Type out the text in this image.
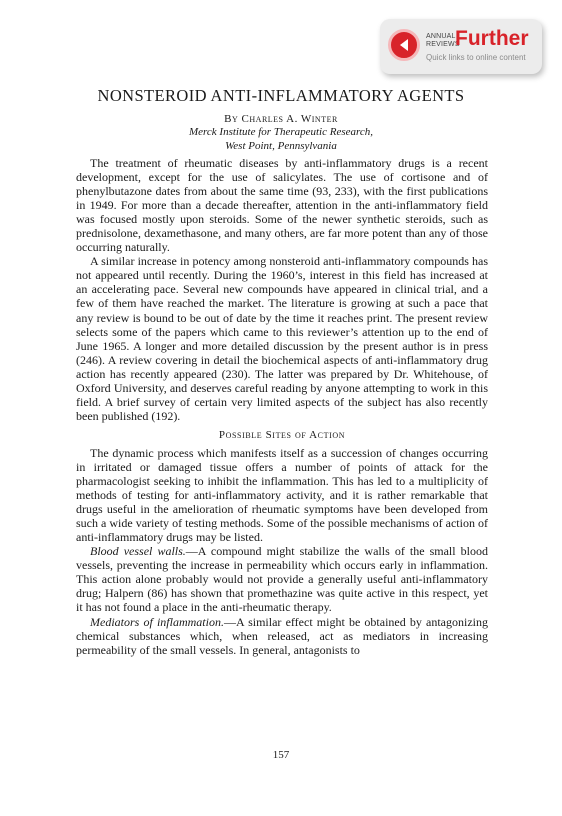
ANNUAL
REVIEWS
Further
Quick links to online content
NONSTEROID ANTI-INFLAMMATORY AGENTS
By Charles A. Winter
Merck Institute for Therapeutic Research,
West Point, Pennsylvania

The treatment of rheumatic diseases by anti-inflammatory drugs is a recent development, except for the use of salicylates. The use of cortisone and of phenylbutazone dates from about the same time (93, 233), with the first publications in 1949. For more than a decade thereafter, attention in the anti-inflammatory field was focused mostly upon steroids. Some of the newer synthetic steroids, such as prednisolone, dexamethasone, and many others, are far more potent than any of those occurring naturally.

A similar increase in potency among nonsteroid anti-inflammatory compounds has not appeared until recently. During the 1960’s, interest in this field has increased at an accelerating pace. Several new compounds have appeared in clinical trial, and a few of them have reached the market. The literature is growing at such a pace that any review is bound to be out of date by the time it reaches print. The present review selects some of the papers which came to this reviewer’s attention up to the end of June 1965. A longer and more detailed discussion by the present author is in press (246). A review covering in detail the biochemical aspects of anti-inflammatory drug action has recently appeared (230). The latter was prepared by Dr. Whitehouse, of Oxford University, and deserves careful reading by anyone attempting to work in this field. A brief survey of certain very limited aspects of the subject has also recently been published (192).

Possible Sites of Action

The dynamic process which manifests itself as a succession of changes occurring in irritated or damaged tissue offers a number of points of attack for the pharmacologist seeking to inhibit the inflammation. This has led to a multiplicity of methods of testing for anti-inflammatory activity, and it is rather remarkable that drugs useful in the amelioration of rheumatic symptoms have been developed from such a wide variety of testing methods. Some of the possible mechanisms of action of anti-inflammatory drugs may be listed.

Blood vessel walls.—A compound might stabilize the walls of the small blood vessels, preventing the increase in permeability which occurs early in inflammation. This action alone probably would not provide a generally useful anti-inflammatory drug; Halpern (86) has shown that promethazine was quite active in this respect, yet it has not found a place in the anti-rheumatic therapy.

Mediators of inflammation.—A similar effect might be obtained by antagonizing chemical substances which, when released, act as mediators in increasing permeability of the small vessels. In general, antagonists to

157
